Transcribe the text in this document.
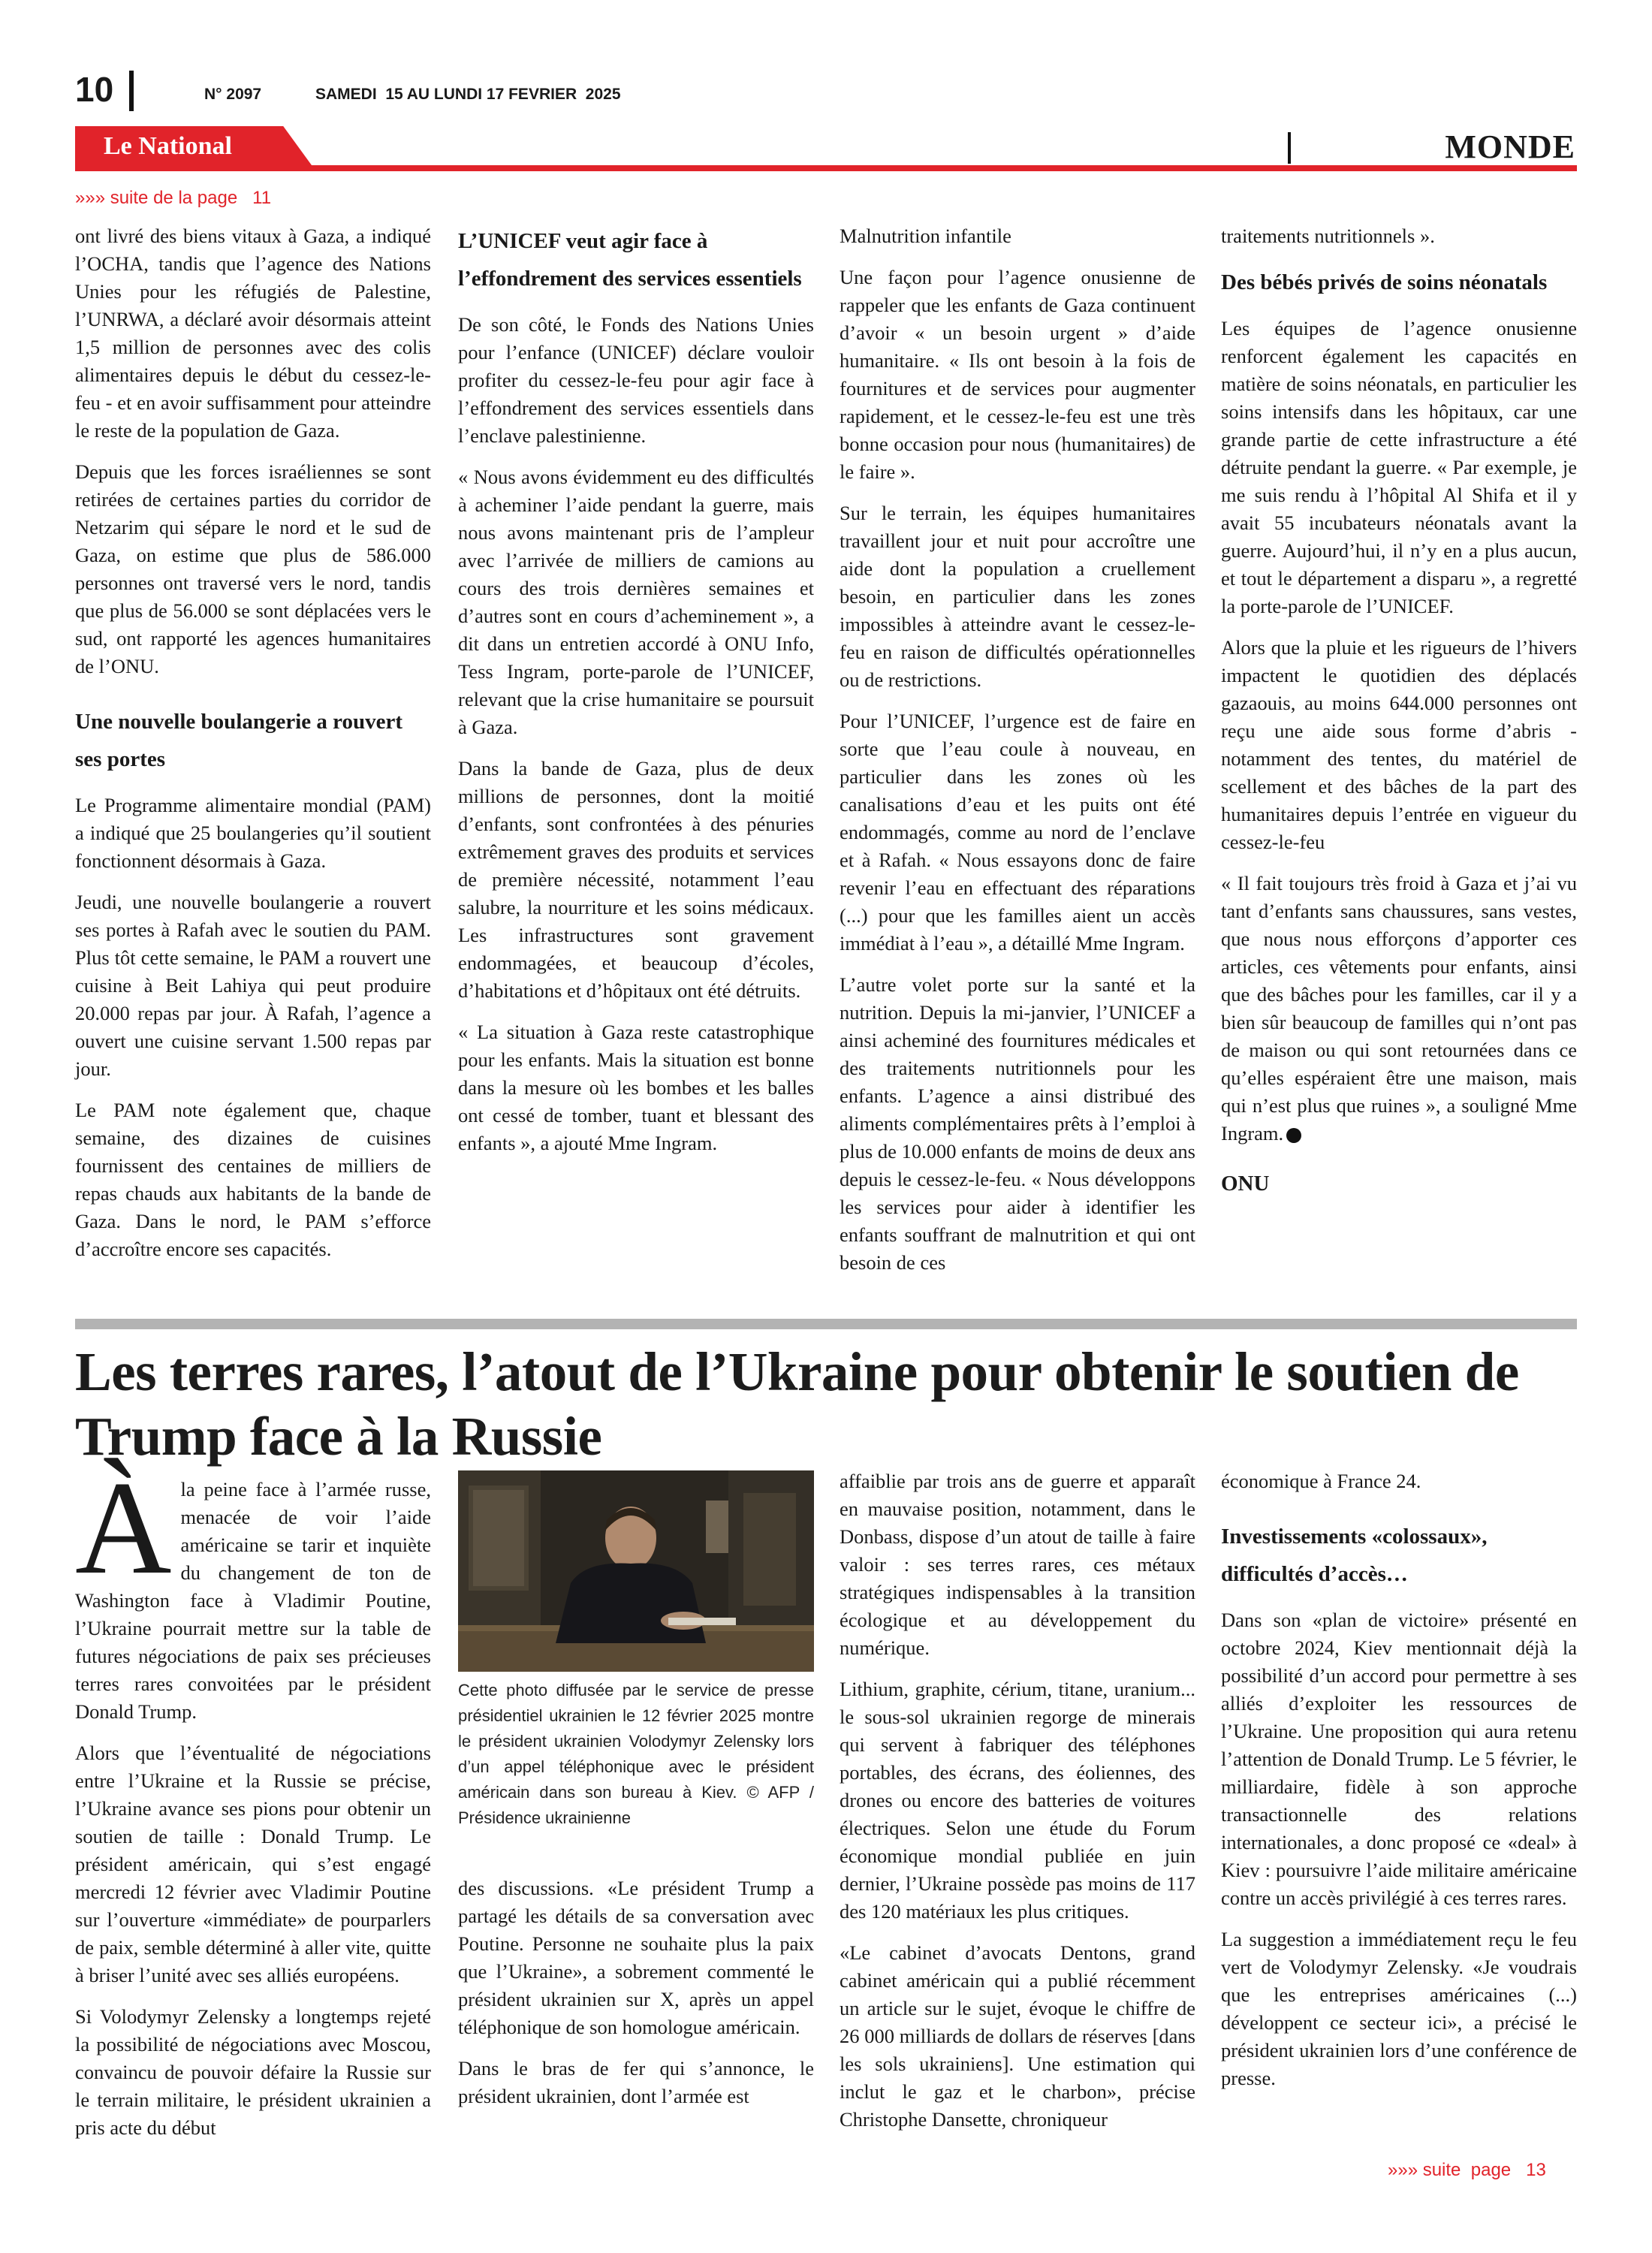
10	N° 2097	SAMEDI  15 AU LUNDI 17 FEVRIER  2025
Le National	MONDE
»»» suite de la page   11

ont livré des biens vitaux à Gaza, a indiqué l’OCHA, tandis que l’agence des Nations Unies pour les réfugiés de Palestine, l’UNRWA, a déclaré avoir désormais atteint 1,5 million de personnes avec des colis alimentaires depuis le début du cessez-le-feu - et en avoir suffisamment pour atteindre le reste de la population de Gaza.

Depuis que les forces israéliennes se sont retirées de certaines parties du corridor de Netzarim qui sépare le nord et le sud de Gaza, on estime que plus de 586.000 personnes ont traversé vers le nord, tandis que plus de 56.000 se sont déplacées vers le sud, ont rapporté les agences humanitaires de l’ONU.

Une nouvelle boulangerie a rouvert ses portes

Le Programme alimentaire mondial (PAM) a indiqué que 25 boulangeries qu’il soutient fonctionnent désormais à Gaza.

Jeudi, une nouvelle boulangerie a rouvert ses portes à Rafah avec le soutien du PAM. Plus tôt cette semaine, le PAM a rouvert une cuisine à Beit Lahiya qui peut produire 20.000 repas par jour. À Rafah, l’agence a ouvert une cuisine servant 1.500 repas par jour.

Le PAM note également que, chaque semaine, des dizaines de cuisines fournissent des centaines de milliers de repas chauds aux habitants de la bande de Gaza. Dans le nord, le PAM s’efforce d’accroître encore ses capacités.

L’UNICEF veut agir face à l’effondrement des services essentiels

De son côté, le Fonds des Nations Unies pour l’enfance (UNICEF) déclare vouloir profiter du cessez-le-feu pour agir face à l’effondrement des services essentiels dans l’enclave palestinienne.

« Nous avons évidemment eu des difficultés à acheminer l’aide pendant la guerre, mais nous avons maintenant pris de l’ampleur avec l’arrivée de milliers de camions au cours des trois dernières semaines et d’autres sont en cours d’acheminement », a dit dans un entretien accordé à ONU Info, Tess Ingram, porte-parole de l’UNICEF, relevant que la crise humanitaire se poursuit à Gaza.

Dans la bande de Gaza, plus de deux millions de personnes, dont la moitié d’enfants, sont confrontées à des pénuries extrêmement graves des produits et services de première nécessité, notamment l’eau salubre, la nourriture et les soins médicaux. Les infrastructures sont gravement endommagées, et beaucoup d’écoles, d’habitations et d’hôpitaux ont été détruits.

« La situation à Gaza reste catastrophique pour les enfants. Mais la situation est bonne dans la mesure où les bombes et les balles ont cessé de tomber, tuant et blessant des enfants », a ajouté Mme Ingram.

Malnutrition infantile

Une façon pour l’agence onusienne de rappeler que les enfants de Gaza continuent d’avoir « un besoin urgent » d’aide humanitaire. « Ils ont besoin à la fois de fournitures et de services pour augmenter rapidement, et le cessez-le-feu est une très bonne occasion pour nous (humanitaires) de le faire ».

Sur le terrain, les équipes humanitaires travaillent jour et nuit pour accroître une aide dont la population a cruellement besoin, en particulier dans les zones impossibles à atteindre avant le cessez-le-feu en raison de difficultés opérationnelles ou de restrictions.

Pour l’UNICEF, l’urgence est de faire en sorte que l’eau coule à nouveau, en particulier dans les zones où les canalisations d’eau et les puits ont été endommagés, comme au nord de l’enclave et à Rafah. « Nous essayons donc de faire revenir l’eau en effectuant des réparations (...) pour que les familles aient un accès immédiat à l’eau », a détaillé Mme Ingram.

L’autre volet porte sur la santé et la nutrition. Depuis la mi-janvier, l’UNICEF a ainsi acheminé des fournitures médicales et des traitements nutritionnels pour les enfants. L’agence a ainsi distribué des aliments complémentaires prêts à l’emploi à plus de 10.000 enfants de moins de deux ans depuis le cessez-le-feu. « Nous développons les services pour aider à identifier les enfants souffrant de malnutrition et qui ont besoin de ces

traitements nutritionnels ».

Des bébés privés de soins néonatals

Les équipes de l’agence onusienne renforcent également les capacités en matière de soins néonatals, en particulier les soins intensifs dans les hôpitaux, car une grande partie de cette infrastructure a été détruite pendant la guerre. « Par exemple, je me suis rendu à l’hôpital Al Shifa et il y avait 55 incubateurs néonatals avant la guerre. Aujourd’hui, il n’y en a plus aucun, et tout le département a disparu », a regretté la porte-parole de l’UNICEF.

Alors que la pluie et les rigueurs de l’hivers impactent le quotidien des déplacés gazaouis, au moins 644.000 personnes ont reçu une aide sous forme d’abris - notamment des tentes, du matériel de scellement et des bâches de la part des humanitaires depuis l’entrée en vigueur du cessez-le-feu

« Il fait toujours très froid à Gaza et j’ai vu tant d’enfants sans chaussures, sans vestes, que nous nous efforçons d’apporter ces articles, ces vêtements pour enfants, ainsi que des bâches pour les familles, car il y a bien sûr beaucoup de familles qui n’ont pas de maison ou qui sont retournées dans ce qu’elles espéraient être une maison, mais qui n’est plus que ruines », a souligné Mme Ingram.

ONU

Les terres rares, l’atout de l’Ukraine pour obtenir le soutien de Trump face à la Russie

Àla peine face à l’armée russe, menacée de voir l’aide américaine se tarir et inquiète du changement de ton de Washington face à Vladimir Poutine, l’Ukraine pourrait mettre sur la table de futures négociations de paix ses précieuses terres rares convoitées par le président Donald Trump.

Alors que l’éventualité de négociations entre l’Ukraine et la Russie se précise, l’Ukraine avance ses pions pour obtenir un soutien de taille : Donald Trump. Le président américain, qui s’est engagé mercredi 12 février avec Vladimir Poutine sur l’ouverture «immédiate» de pourparlers de paix, semble déterminé à aller vite, quitte à briser l’unité avec ses alliés européens.

Si Volodymyr Zelensky a longtemps rejeté la possibilité de négociations avec Moscou, convaincu de pouvoir défaire la Russie sur le terrain militaire, le président ukrainien a pris acte du début

Cette photo diffusée par le service de presse présidentiel ukrainien le 12 février 2025 montre le président ukrainien Volodymyr Zelensky lors d’un appel téléphonique avec le président américain dans son bureau à Kiev. © AFP / Présidence ukrainienne

des discussions. «Le président Trump a partagé les détails de sa conversation avec Poutine. Personne ne souhaite plus la paix que l’Ukraine», a sobrement commenté le président ukrainien sur X, après un appel téléphonique de son homologue américain.

Dans le bras de fer qui s’annonce, le président ukrainien, dont l’armée est

affaiblie par trois ans de guerre et apparaît en mauvaise position, notamment, dans le Donbass, dispose d’un atout de taille à faire valoir : ses terres rares, ces métaux stratégiques indispensables à la transition écologique et au développement du numérique.

Lithium, graphite, cérium, titane, uranium... le sous-sol ukrainien regorge de minerais qui servent à fabriquer des téléphones portables, des écrans, des éoliennes, des drones ou encore des batteries de voitures électriques. Selon une étude du Forum économique mondial publiée en juin dernier, l’Ukraine possède pas moins de 117 des 120 matériaux les plus critiques.

«Le cabinet d’avocats Dentons, grand cabinet américain qui a publié récemment un article sur le sujet, évoque le chiffre de 26 000 milliards de dollars de réserves [dans les sols ukrainiens]. Une estimation qui inclut le gaz et le charbon», précise Christophe Dansette, chroniqueur

économique à France 24.

Investissements «colossaux», difficultés d’accès…

Dans son «plan de victoire» présenté en octobre 2024, Kiev mentionnait déjà la possibilité d’un accord pour permettre à ses alliés d’exploiter les ressources de l’Ukraine. Une proposition qui aura retenu l’attention de Donald Trump. Le 5 février, le milliardaire, fidèle à son approche transactionnelle des relations internationales, a donc proposé ce «deal» à Kiev : poursuivre l’aide militaire américaine contre un accès privilégié à ces terres rares.

La suggestion a immédiatement reçu le feu vert de Volodymyr Zelensky. «Je voudrais que les entreprises américaines (...) développent ce secteur ici», a précisé le président ukrainien lors d’une conférence de presse.

»»» suite  page   13
